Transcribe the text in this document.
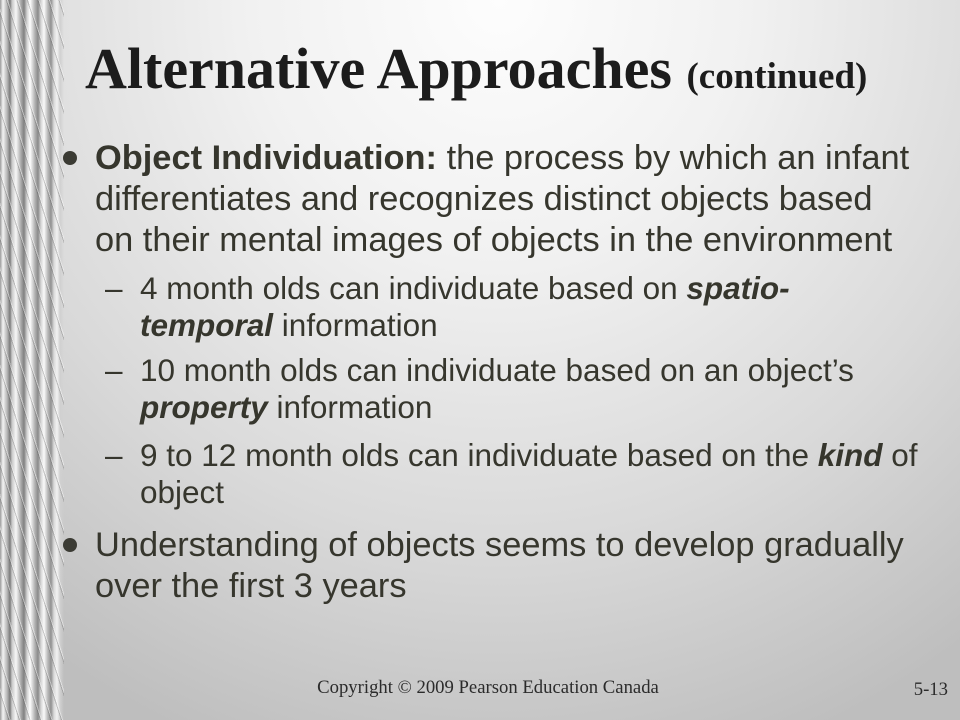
Alternative Approaches (continued)
Object Individuation: the process by which an infant
differentiates and recognizes distinct objects based
on their mental images of objects in the environment
– 4 month olds can individuate based on spatio-
temporal information
– 10 month olds can individuate based on an object’s
property information
– 9 to 12 month olds can individuate based on the kind of
object
Understanding of objects seems to develop gradually
over the first 3 years
Copyright © 2009 Pearson Education Canada	5-13
